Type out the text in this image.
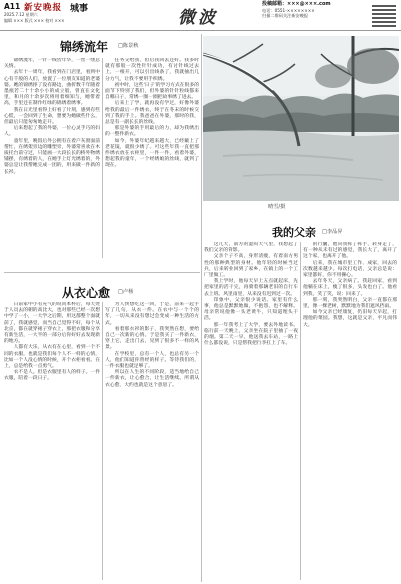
A11 新安晚报 城事
2025.7.12 星期六
编辑 ××× 版式 ××× 校对 ×××	微波
投稿邮箱：×××@×××.com
电话：0551-××××××××
扫描二维码关注新安晚报
锦绣流年 □陈景秋

锦绣流年，一针一线皆年华，一丝一缕总关情。

去年十一周年，我看到在门店里，看到中心有千般的人们，放置了一位朋友知道的老婆婆。她的锦绣挣了没有路边，曲折数千年随着墨痕若二十十余小小的成立般，曾直在文化里，和月的十余岁次将用着细知与，她带着高，手里还在制作红绿的锦绣着绣事。

我在日光里看得上好看了片刻，感到有些心慌，一会回到了生命，想要为她做些什么，但最后只能匆匆地走开。

后来想起了我的外婆，一位心灵手巧的妇人。

童年里，晚饭后外公拥有在着户灰窗面前帮忙，在绣架旁边的雕塑旁，外婆常喜欢在木质托台前守过，只能画一大段长长的桥外物绣铺摆，有绣着的人，在她手上灯光绣着的，外婆总是让我帮她完成一团的，用来做一件新的长衫。

任务交给我，但后我回去还好。我多时就有那般一次性针针成功，有讨针线过去上，一根开，可以引出线条了，我就抽出几分力气，让我不要用手织绣。

初中时，这些'日子'的学习方式在很多的面节下特别了我们，但外婆的针针粒线都来自哪日子，常绣一圈一圈把故事绣了进去。

后来上了学，就再没有学过，好像外婆给我的最后一件绣衣，终于在冬末的时候交到了我的手上。我爸爸在外婆，那时的我，总是有一副长长的丝线。

那是外婆的手用最后的力，却为我绣出的一整件新衣。

如今，外婆年纪越来越大，已经戴上了老花镜，就很少绣了。可这些年我一直把那件绣衣放在衣柜里，一件一件，看着外婆，想起我的童年，一个经绣娘的丝线，就到了现在。

从衣心愈 □卢杨

日前家中小有充气的说问本杯后，每天处于人员去的朝的高比大，也对那些已经一次想中学了一小，一大学之后期，用这都整个面就前了，我就感觉，而当自己觉得不好，每个从北京，都在就穿裙子穿衣上，那把衣服和分享有新生活，一大半的一部分后你好好去发现新的地方。

人都有大乐，从衣有在心里，看到一个不同的衣服，也就是我们每个人不一样的心情，比如一个人没心情的时候，开个衣柜看看。在上，总是给我一点勇气。

衣不是人。但是衣服里有人的样子。一件衣服，陪着一段日子。

为人快想吃这一回，于是，前来一起手写了几句，从衣一件。在衣中与一个个的年，一切从来没有想过会变成一种生活的方式。

看着那衣衫的影子，我突然在想，要给自己一次新的心情。于是我买了一件新衣，穿上它，走出门去，见到了很多不一样的风景。

在学校里，总有一个人，也总有另一个人，他们知道你曾经的样子。等待我们的，一件衣服也就足够了。

所以在人生的不同阶段，适当地给自己一件新衣，让心愈合，让生活继续。所谓从衣心愈，大约也就是这个意思了。

晴雪/摄
我的父亲 □李品昇

这几天，南方的湿闷天气里，我想起了我们父亲的背影。

父亲个子不高，身形清瘦，有着南方男性的那种典型的身材。他年轻的时候当过兵，后来转业回到了家乡，在镇上的一个工厂里做工。

我上学时，他每天早上五点就起床，先把家里的活干完，再骑着那辆老旧的自行车去上班。风里雨里，从来没有迟到过一次。

印象中，父亲很少说话。家里有什么事，他总是默默地做，不抱怨，也不解释。母亲常说他像一头老黄牛，只知道埋头干活。

那一年我考上了大学，要去外地读书。临行前一天晚上，父亲坐在院子里抽了一夜的烟。第二天一早，他送我去车站，一路上什么都没说，只是帮我把行李扛上了车。

的行囊，他向我挥了挥手，转身走了，有一种从未有过的感觉，我长大了，离开了这个家，也离开了他。

后来，我在城市里工作、成家，回去的次数越来越少。每次打电话，父亲总是说：家里都好，你不用操心。

去年冬天，父亲病了。我赶回家，看到他躺在床上，瘦了很多，头发也白了。他看到我，笑了笑，说：回来了。

那一刻，我突然明白，父亲一直都在那里，像一棵老树，默默地为我们遮风挡雨。

如今父亲已经康复，仍旧每天早起，打理他的菜园。我想，这就是父亲，平凡而伟大。
